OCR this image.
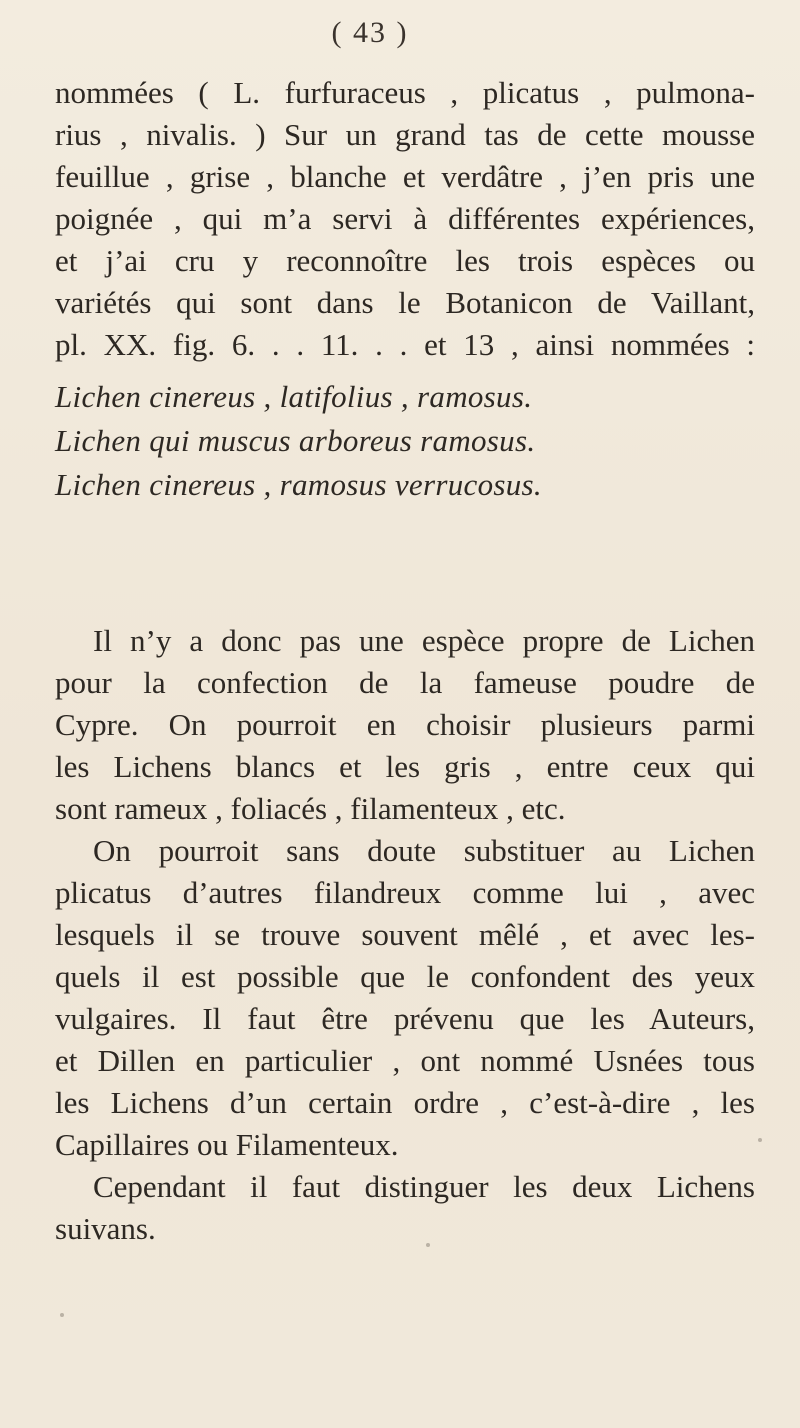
( 43 )
nommées ( L. furfuraceus , plicatus , pulmona-
rius , nivalis. ) Sur un grand tas de cette mousse
feuillue , grise , blanche et verdâtre , j’en pris une
poignée , qui m’a servi à différentes expériences,
et j’ai cru y reconnoître les trois espèces ou
variétés qui sont dans le Botanicon de Vaillant,
pl. XX. fig. 6. . . 11. . . et 13 , ainsi nommées :
Lichen cinereus , latifolius , ramosus.
Lichen qui muscus arboreus ramosus.
Lichen cinereus , ramosus verrucosus.
Il n’y a donc pas une espèce propre de Lichen
pour la confection de la fameuse poudre de
Cypre. On pourroit en choisir plusieurs parmi
les Lichens blancs et les gris , entre ceux qui
sont rameux , foliacés , filamenteux , etc.
On pourroit sans doute substituer au Lichen
plicatus d’autres filandreux comme lui , avec
lesquels il se trouve souvent mêlé , et avec les-
quels il est possible que le confondent des yeux
vulgaires. Il faut être prévenu que les Auteurs,
et Dillen en particulier , ont nommé Usnées tous
les Lichens d’un certain ordre , c’est-à-dire , les
Capillaires ou Filamenteux.
Cependant il faut distinguer les deux Lichens
suivans.
